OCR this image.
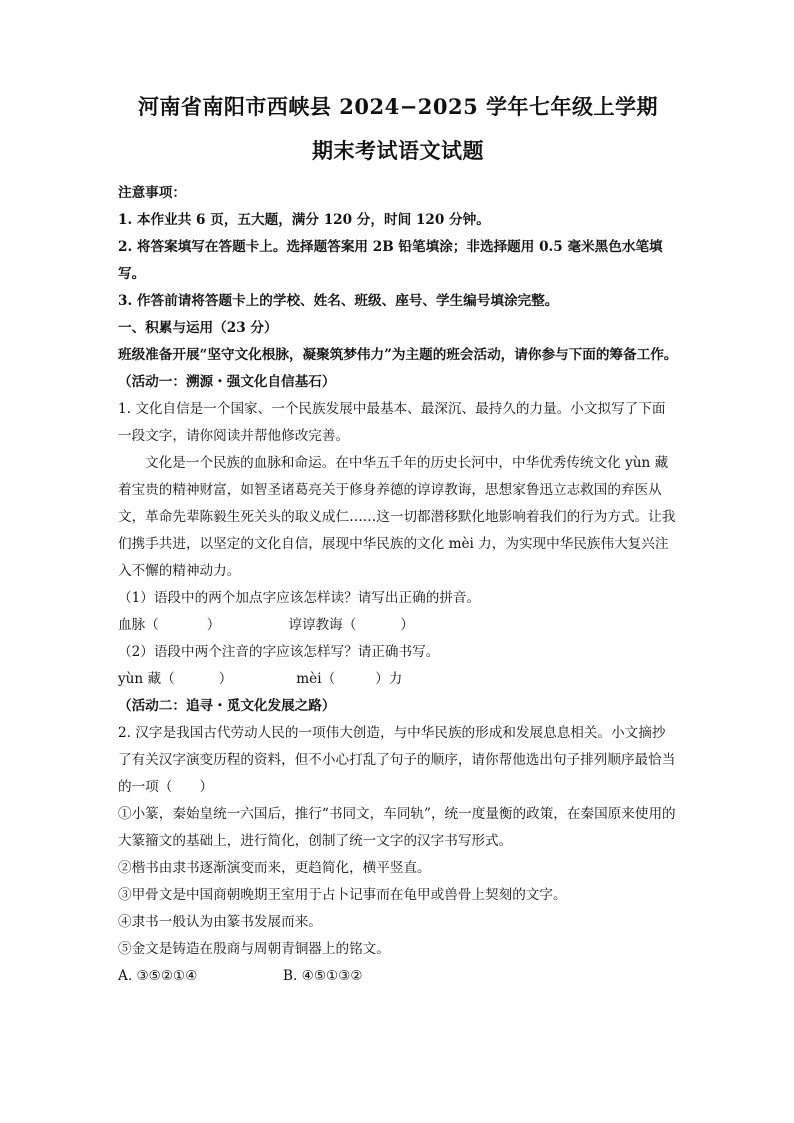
河南省南阳市西峡县 2024−2025 学年七年级上学期

期末考试语文试题

注意事项：

1. 本作业共 6 页，五大题，满分 120 分，时间 120 分钟。

2. 将答案填写在答题卡上。选择题答案用 2B 铅笔填涂；非选择题用 0.5 毫米黑色水笔填写。

3. 作答前请将答题卡上的学校、姓名、班级、座号、学生编号填涂完整。

一、积累与运用（23 分）

班级准备开展“坚守文化根脉，凝聚筑梦伟力”为主题的班会活动，请你参与下面的筹备工作。

（活动一：溯源・强文化自信基石）

1. 文化自信是一个国家、一个民族发展中最基本、最深沉、最持久的力量。小文拟写了下面一段文字，请你阅读并帮他修改完善。

文化是一个民族的血脉和命运。在中华五千年的历史长河中，中华优秀传统文化 yùn 藏着宝贵的精神财富，如智圣诸葛亮关于修身养德的谆谆教诲，思想家鲁迅立志救国的弃医从文，革命先辈陈毅生死关头的取义成仁……这一切都潜移默化地影响着我们的行为方式。让我们携手共进，以坚定的文化自信，展现中华民族的文化 mèi 力，为实现中华民族伟大复兴注入不懈的精神动力。

（1）语段中的两个加点字应该怎样读？请写出正确的拼音。

血脉（	）	谆谆教诲（	）

（2）语段中两个注音的字应该怎样写？请正确书写。

yùn 藏（	）	mèi（	）力

（活动二：追寻・觅文化发展之路）

2. 汉字是我国古代劳动人民的一项伟大创造，与中华民族的形成和发展息息相关。小文摘抄了有关汉字演变历程的资料，但不小心打乱了句子的顺序，请你帮他选出句子排列顺序最恰当的一项（　　）

①小篆，秦始皇统一六国后，推行“书同文，车同轨”，统一度量衡的政策，在秦国原来使用的大篆籀文的基础上，进行简化，创制了统一文字的汉字书写形式。

②楷书由隶书逐渐演变而来，更趋简化，横平竖直。

③甲骨文是中国商朝晚期王室用于占卜记事而在龟甲或兽骨上契刻的文字。

④隶书一般认为由篆书发展而来。

⑤金文是铸造在殷商与周朝青铜器上的铭文。

A. ③⑤②①④	B. ④⑤①③②
